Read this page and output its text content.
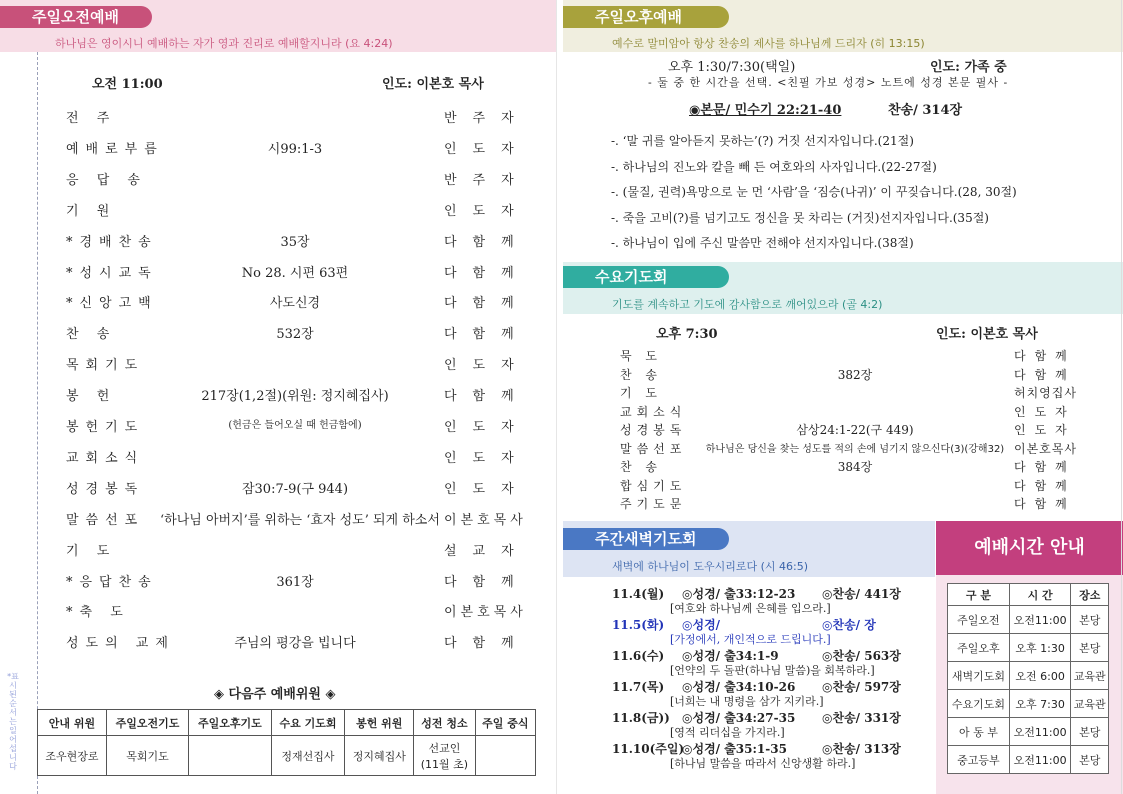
주일오전예배
하나님은 영이시니 예배하는 자가 영과 진리로 예배할지니라 (요 4:24)
오전 11:00	인도: 이본호 목사
전 주	반주자
예배로부름	시99:1-3	인도자
응 답 송	반주자
기 원	인도자
*경배찬송	35장	다함께
*성시교독	No 28. 시편 63편	다함께
*신앙고백	사도신경	다함께
찬 송	532장	다함께
목회기도	인도자
봉 헌	217장(1,2절)(위원: 정지혜집사)	다함께
봉헌기도	(헌금은 들어오실 때 헌금함에)	인도자
교회소식	인도자
성경봉독	잠30:7-9(구 944)	인도자
말씀선포 ‘하나님 아버지’를 위하는 ‘효자 성도’ 되게 하소서 이본호목사
기 도	설교자
*응답찬송	361장	다함께
*축 도	이본호목사
성도의 교제	주님의 평강을 빕니다	다함께
*표시된 순서는 일어섭니다
◈ 다음주 예배위원 ◈
안내 위원	주일오전기도	주일오후기도	수요 기도회	봉헌 위원	성전 청소	주일 중식
조우현장로	목회기도		정재선집사	정지혜집사	선교인
(11월 초)	
주일오후예배
예수로 말미암아 항상 찬송의 제사를 하나님께 드리자 (히 13:15)
오후 1:30/7:30(택일)	인도: 가족 중
- 둘 중 한 시간을 선택. <친필 가보 성경> 노트에 성경 본문 필사 -
◉본문/ 민수기 22:21-40	찬송/ 314장
-. ‘말 귀를 알아듣지 못하는’(?) 거짓 선지자입니다.(21절)
-. 하나님의 진노와 칼을 빼 든 여호와의 사자입니다.(22-27절)
-. (물질, 권력)욕망으로 눈 먼 ‘사람’을 ‘짐승(나귀)’ 이 꾸짖습니다.(28, 30절)
-. 죽을 고비(?)를 넘기고도 정신을 못 차리는 (거짓)선지자입니다.(35절)
-. 하나님이 입에 주신 말씀만 전해야 선지자입니다.(38절)
수요기도회
기도를 계속하고 기도에 감사함으로 깨어있으라 (골 4:2)
오후 7:30	인도: 이본호 목사
묵 도	다함께
찬 송	382장	다함께
기 도	허치영집사
교회소식	인도자
성경봉독	삼상24:1-22(구 449)	인도자
말씀선포	하나님은 당신을 찾는 성도를 적의 손에 넘기지 않으신다(3)(강해32) 이본호목사
찬 송	384장	다함께
합심기도	다함께
주기도문	다함께
주간새벽기도회
새벽에 하나님이 도우시리로다 (시 46:5)
11.4(월) ◎성경/ 출33:12-23 ◎찬송/ 441장
[여호와 하나님께 은혜를 입으라.]
11.5(화) ◎성경/	◎찬송/ 장
[가정에서, 개인적으로 드립니다.]
11.6(수) ◎성경/ 출34:1-9	◎찬송/ 563장
[언약의 두 돌판(하나님 말씀)을 회복하라.]
11.7(목) ◎성경/ 출34:10-26 ◎찬송/ 597장
[너희는 내 명령을 삼가 지키라.]
11.8(금)) ◎성경/ 출34:27-35 ◎찬송/ 331장
[영적 리더십을 가지라.]
11.10(주일)
◎성경/ 출35:1-35	◎찬송/ 313장
[하나님 말씀을 따라서 신앙생활 하라.]
예배시간 안내
구 분	시 간	장소
주일오전	오전11:00	본당
주일오후	오후 1:30	본당
새벽기도회	오전 6:00	교육관
수요기도회	오후 7:30	교육관
아 동 부	오전11:00	본당
중고등부	오전11:00	본당
